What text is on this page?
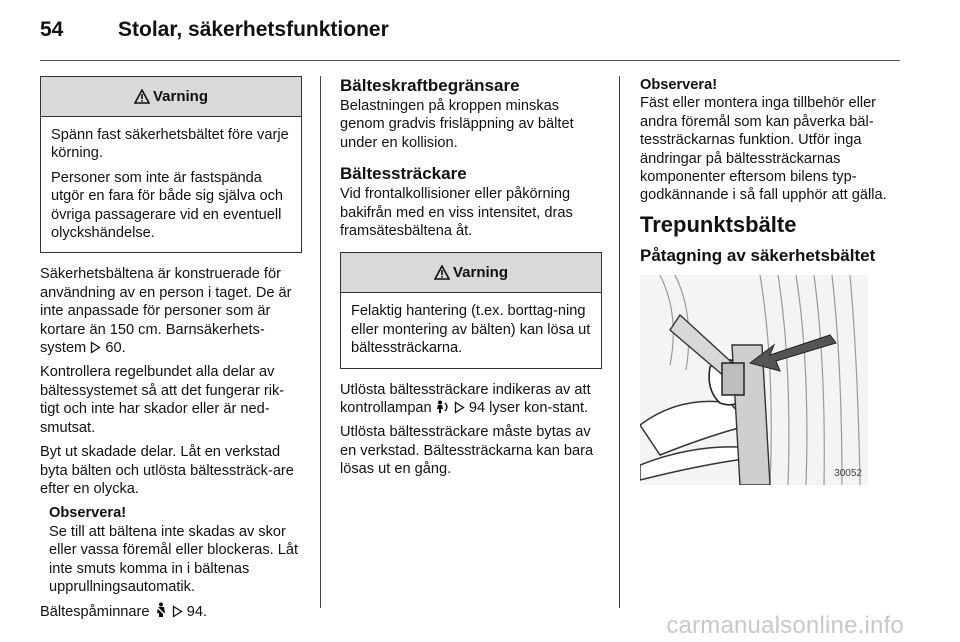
54	Stolar, säkerhetsfunktioner
Varning

Spänn fast säkerhetsbältet före varje körning.

Personer som inte är fastspända utgör en fara för både sig själva och övriga passagerare vid en eventuell olyckshändelse.

Säkerhetsbältena är konstruerade för användning av en person i taget. De är inte anpassade för personer som är kortare än 150 cm. Barnsäkerhets-system 60.

Kontrollera regelbundet alla delar av bältessystemet så att det fungerar rik-tigt och inte har skador eller är ned-smutsat.

Byt ut skadade delar. Låt en verkstad byta bälten och utlösta bältessträck-are efter en olycka.

Observera!

Se till att bältena inte skadas av skor eller vassa föremål eller blockeras. Låt inte smuts komma in i bältenas upprullningsautomatik.

Bältespåminnare	94.

Bälteskraftbegränsare

Belastningen på kroppen minskas genom gradvis frisläppning av bältet under en kollision.

Bältessträckare

Vid frontalkollisioner eller påkörning bakifrån med en viss intensitet, dras framsätesbältena åt.

Varning

Felaktig hantering (t.ex. borttag-ning eller montering av bälten) kan lösa ut bältessträckarna.

Utlösta bältessträckare indikeras av att kontrollampan	94 lyser kon-stant.

Utlösta bältessträckare måste bytas av en verkstad. Bältessträckarna kan bara lösas ut en gång.

Observera!

Fäst eller montera inga tillbehör eller andra föremål som kan påverka bäl-tessträckarnas funktion. Utför inga ändringar på bältessträckarnas komponenter eftersom bilens typ-godkännande i så fall upphör att gälla.

Trepunktsbälte
Påtagning av säkerhetsbältet
30052
carmanualsonline.info
